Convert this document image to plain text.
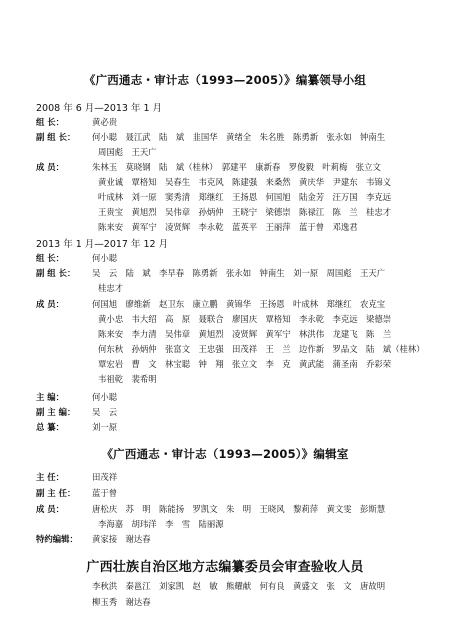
《广西通志・审计志（1993—2005）》编纂领导小组
2008 年 6 月—2013 年 1 月
组 长：	黄必贵
副 组 长：	何小聪　聂江武　陆　斌　韭国华　黄绪全　朱名胜　陈勇新　张永如　钟南生
周国彪　王天广
成 员：	朱林玉　莫晓钢　陆　斌（桂林）　郭建平　康新春　罗俊毅　叶莉梅　张立文
黄业诚　覃格知　吴春生　韦克风　陈建强　来桑然　黄庆华　尹建东　韦锦义
叶成林　刘一原　窦秀清　郑继红　王扬恩　何国旭　陆金芳　汪万国　李克远
王贵宝　黄旭烈　吴伟章　孙炳仲　王晓宁　梁德崇　陈禄江　陈　兰　桂忠才
陈来安　黄军宁　凌贤辉　李永乾　蓝英平　王丽萍　蓝于曾　邓逸君
2013 年 1 月—2017 年 12 月
组 长：	何小聪
副 组 长：	吴　云　陆　斌　李早春　陈勇新　张永如　钟南生　刘一原　周国彪　王天广
桂忠才
成 员：	何国旭　廖维新　赵卫东　康立鹏　黄锦华　王扬恩　叶成林　郑继红　农克宝
黄小忠　韦大绍　高　原　聂联合　廖国庆　覃格知　李永乾　李克远　梁德崇
陈来安　李力清　吴伟章　黄旭烈　凌贤辉　黄军宁　林洪伟　龙建飞　陈　兰
何东秋　孙炳仲　张富文　王忠强　田茂祥　王　兰　边作新　罗品文　陆　斌（桂林）
覃宏岩　曹　文　林宝聪　钟　翔　张立文　李　克　黄武能　蒲圣南　乔彩荣
韦祖乾　裴希明
主 编：	何小聪
副 主 编：	吴　云
总 纂：	刘一原
《广西通志・审计志（1993—2005）》编辑室
主 任：	田茂祥
副 主 任：	蓝于曾
成 员：	唐松庆　苏　明　陈能扬　罗凯文　朱　明　王晓风　黎莉萍　黄文雯　彭斯慧
李海嘉　胡玮洋　李　雪　陆丽源
特约编辑：	黄家接　谢达春
广西壮族自治区地方志编纂委员会审查验收人员
李秋洪　秦邕江　刘家凯　赵　敏　熊耀献　何有良　黄盛文　张　文　唐故明
柳玉秀　谢达春
